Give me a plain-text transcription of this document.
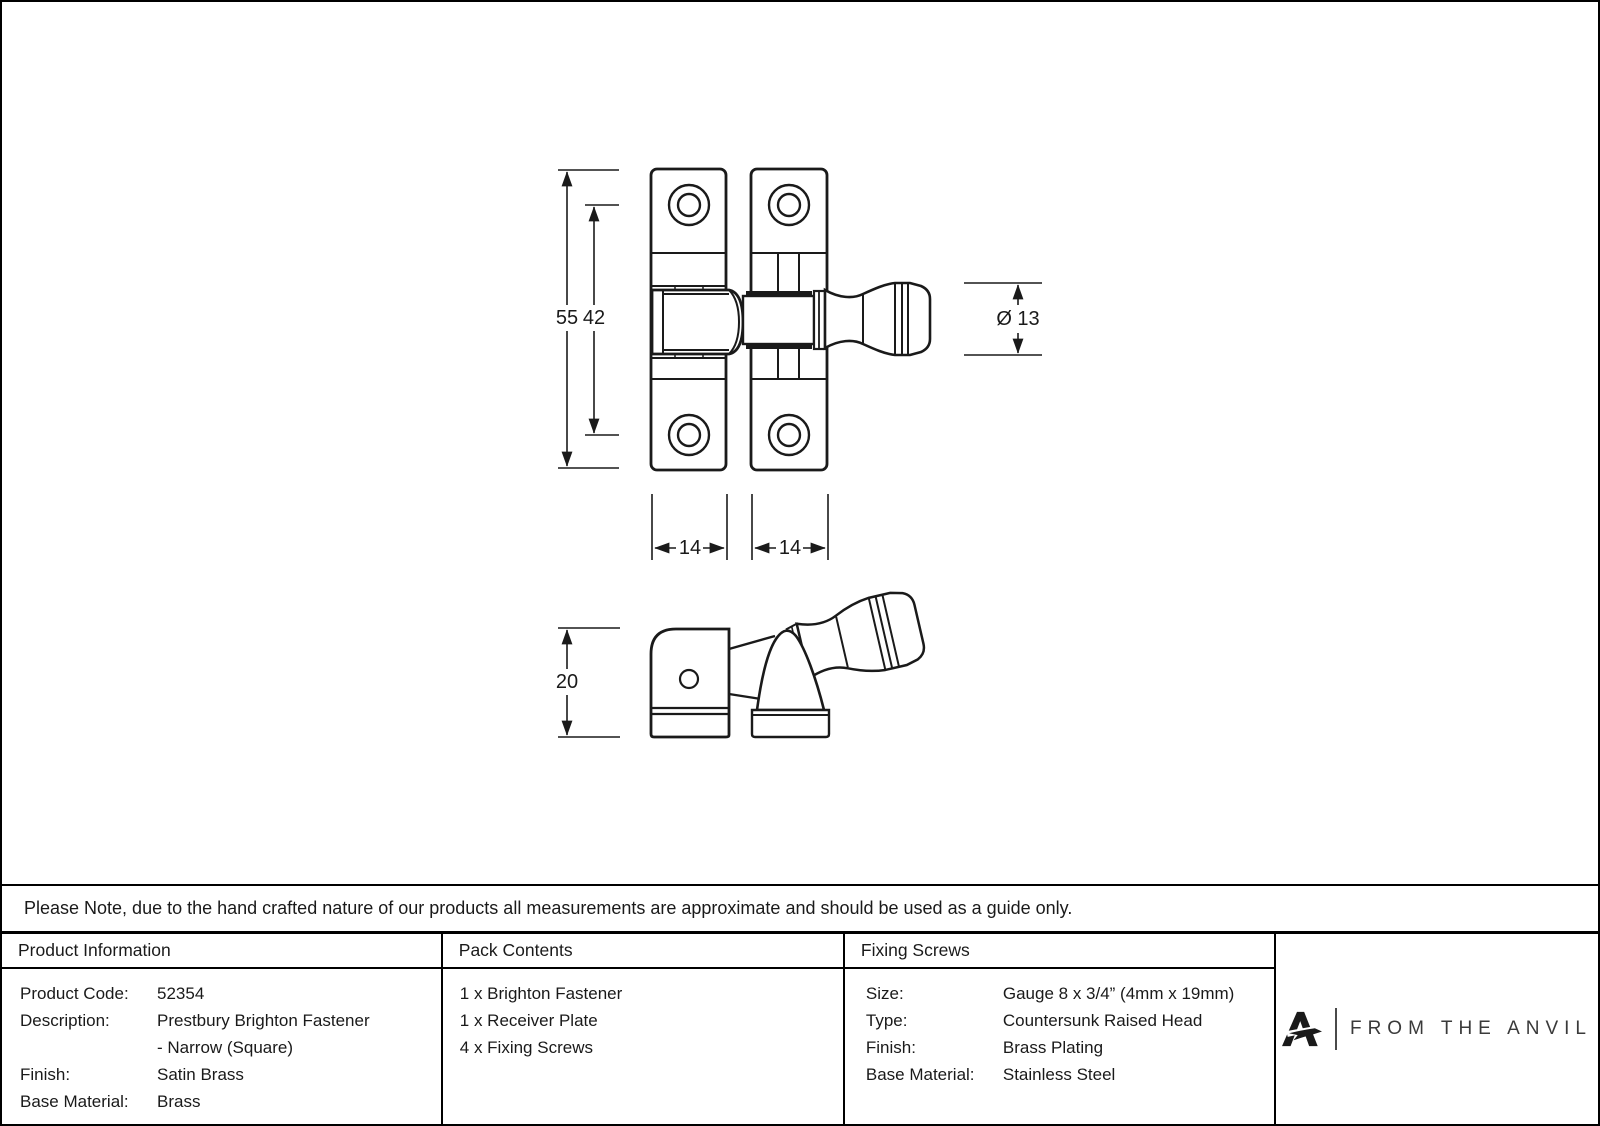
55 42	Ø 13
14	14
20
Please Note, due to the hand crafted nature of our products all measurements are approximate and should be used as a guide only.
Product Information
Product Code:	52354
Description:	Prestbury Brighton Fastener
- Narrow (Square)
Finish:	Satin Brass
Base Material:	Brass
Pack Contents
1 x Brighton Fastener
1 x Receiver Plate
4 x Fixing Screws
Fixing Screws
Size:	Gauge 8 x 3/4” (4mm x 19mm)
Type:	Countersunk Raised Head
Finish:	Brass Plating
Base Material:	Stainless Steel
FROM THE ANVIL
